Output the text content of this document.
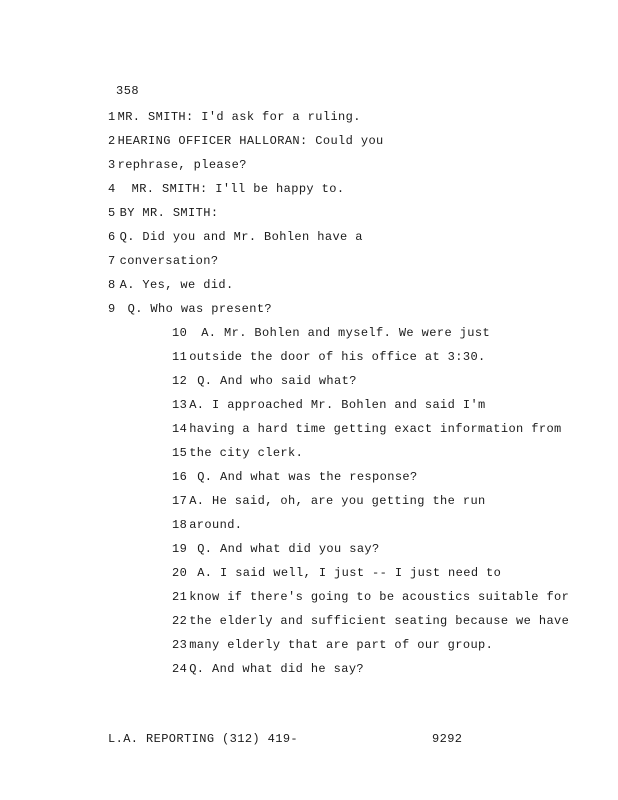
358
1 MR. SMITH: I'd ask for a ruling.
2 HEARING OFFICER HALLORAN: Could you
3 rephrase, please?
4 MR. SMITH: I'll be happy to.
5 BY MR. SMITH:
6 Q. Did you and Mr. Bohlen have a
7 conversation?
8 A. Yes, we did.
9 Q. Who was present?
10 A. Mr. Bohlen and myself. We were just
11 outside the door of his office at 3:30.
12 Q. And who said what?
13 A. I approached Mr. Bohlen and said I'm
14 having a hard time getting exact information from
15 the city clerk.
16 Q. And what was the response?
17 A. He said, oh, are you getting the run
18 around.
19 Q. And what did you say?
20 A. I said well, I just -- I just need to
21 know if there's going to be acoustics suitable for
22 the elderly and sufficient seating because we have
23 many elderly that are part of our group.
24 Q. And what did he say?
L.A. REPORTING (312) 419-	9292
